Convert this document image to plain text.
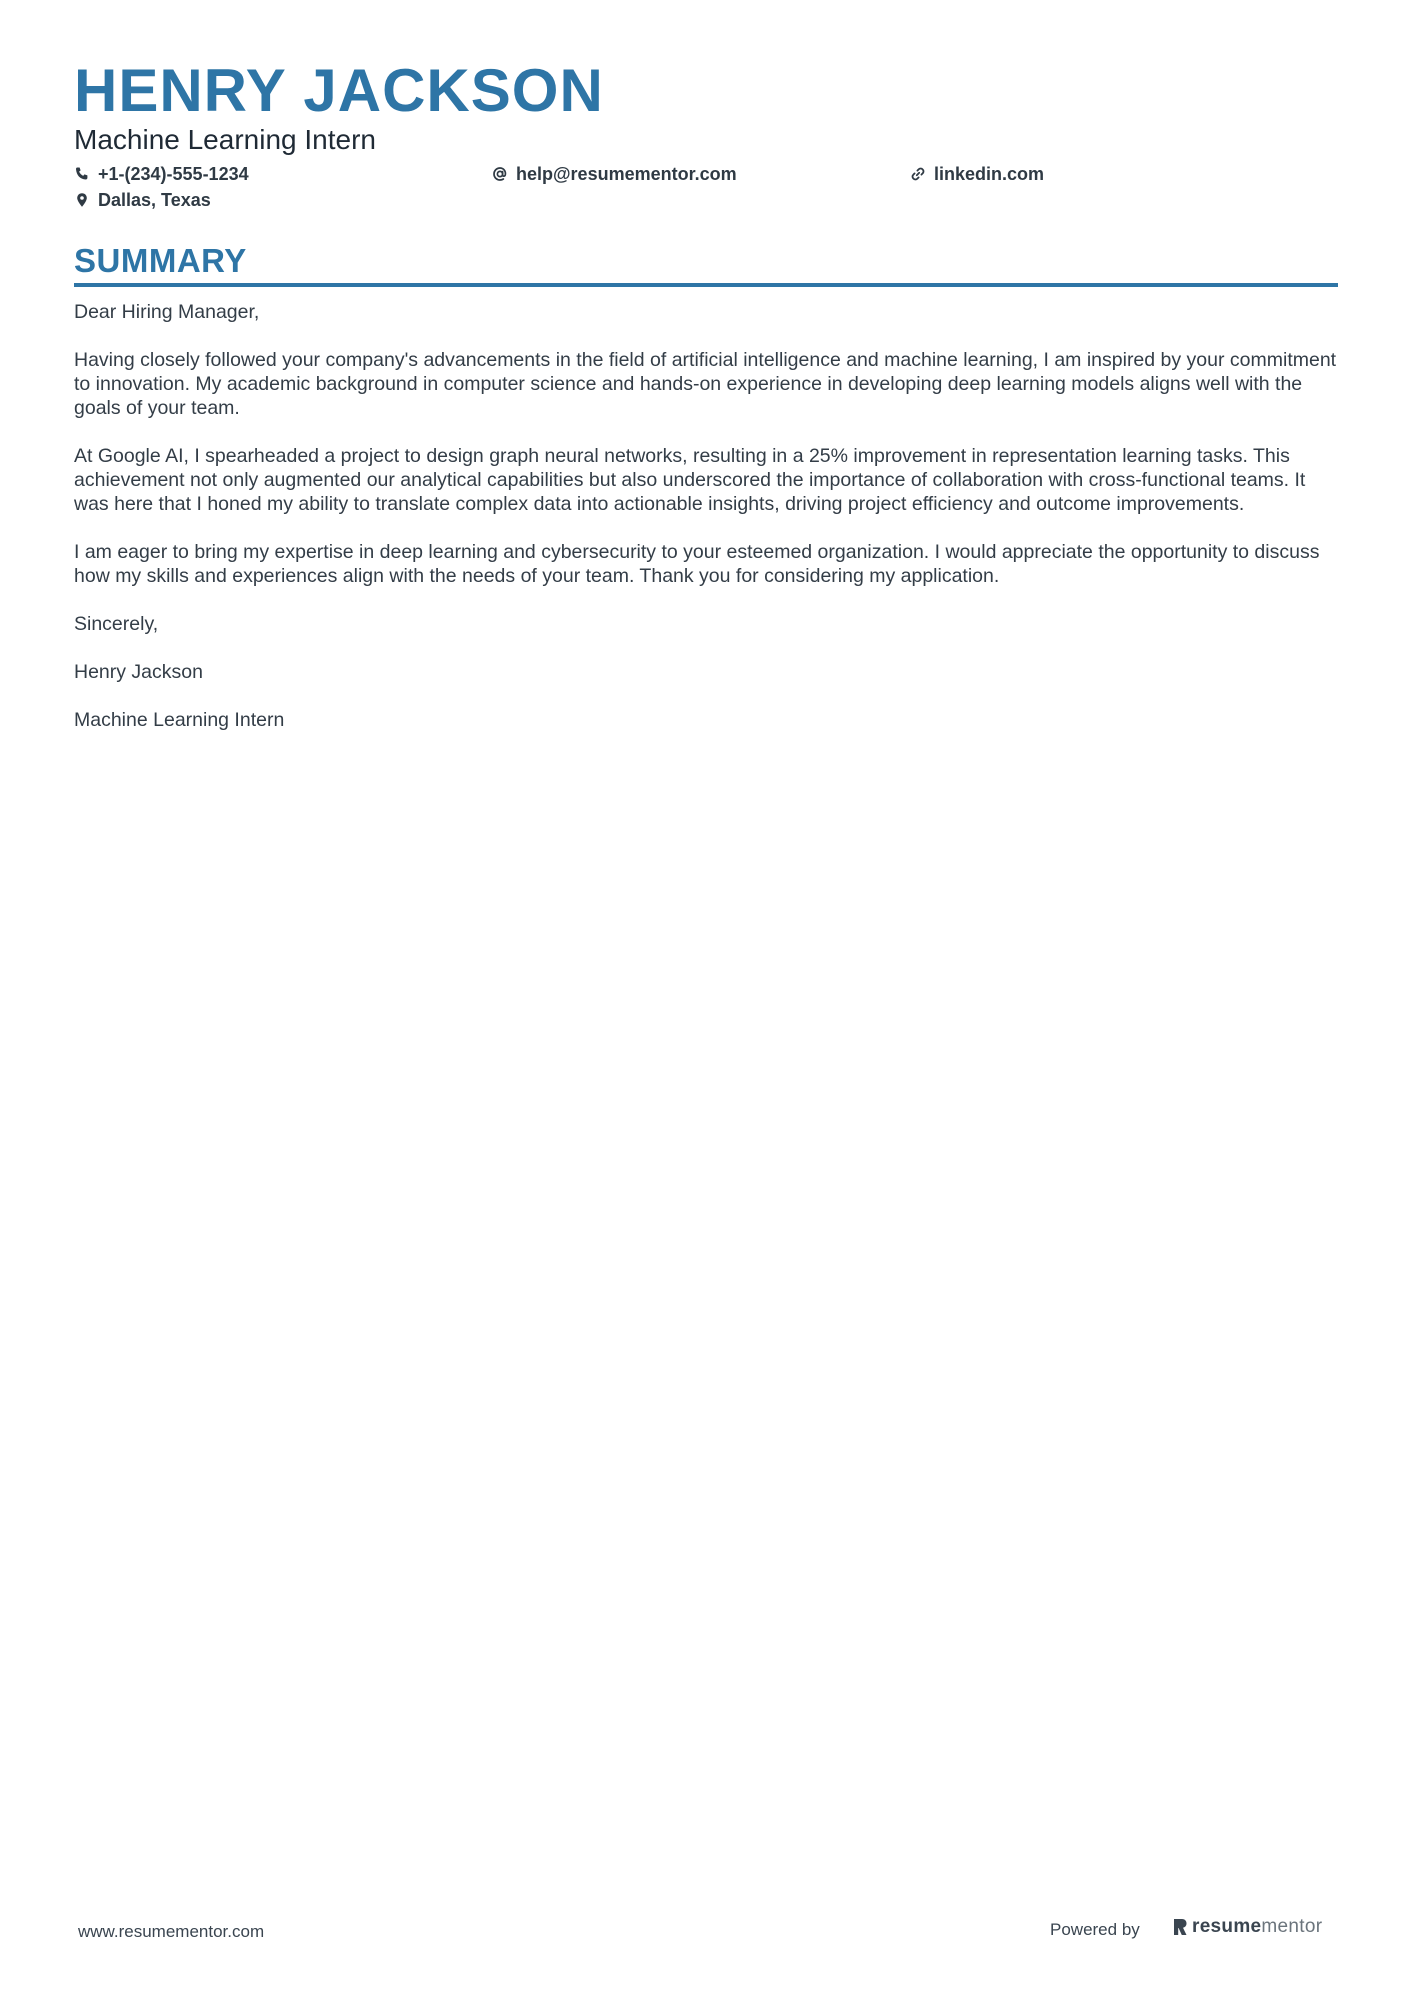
HENRY JACKSON
Machine Learning Intern
+1-(234)-555-1234	help@resumementor.com	linkedin.com
Dallas, Texas
SUMMARY

Dear Hiring Manager,

Having closely followed your company's advancements in the field of artificial intelligence and machine learning, I am inspired by your commitment to innovation. My academic background in computer science and hands-on experience in developing deep learning models aligns well with the goals of your team.

At Google AI, I spearheaded a project to design graph neural networks, resulting in a 25% improvement in representation learning tasks. This achievement not only augmented our analytical capabilities but also underscored the importance of collaboration with cross-functional teams. It was here that I honed my ability to translate complex data into actionable insights, driving project efficiency and outcome improvements.

I am eager to bring my expertise in deep learning and cybersecurity to your esteemed organization. I would appreciate the opportunity to discuss how my skills and experiences align with the needs of your team. Thank you for considering my application.

Sincerely,

Henry Jackson

Machine Learning Intern

www.resumementor.com	Powered by	resumementor
